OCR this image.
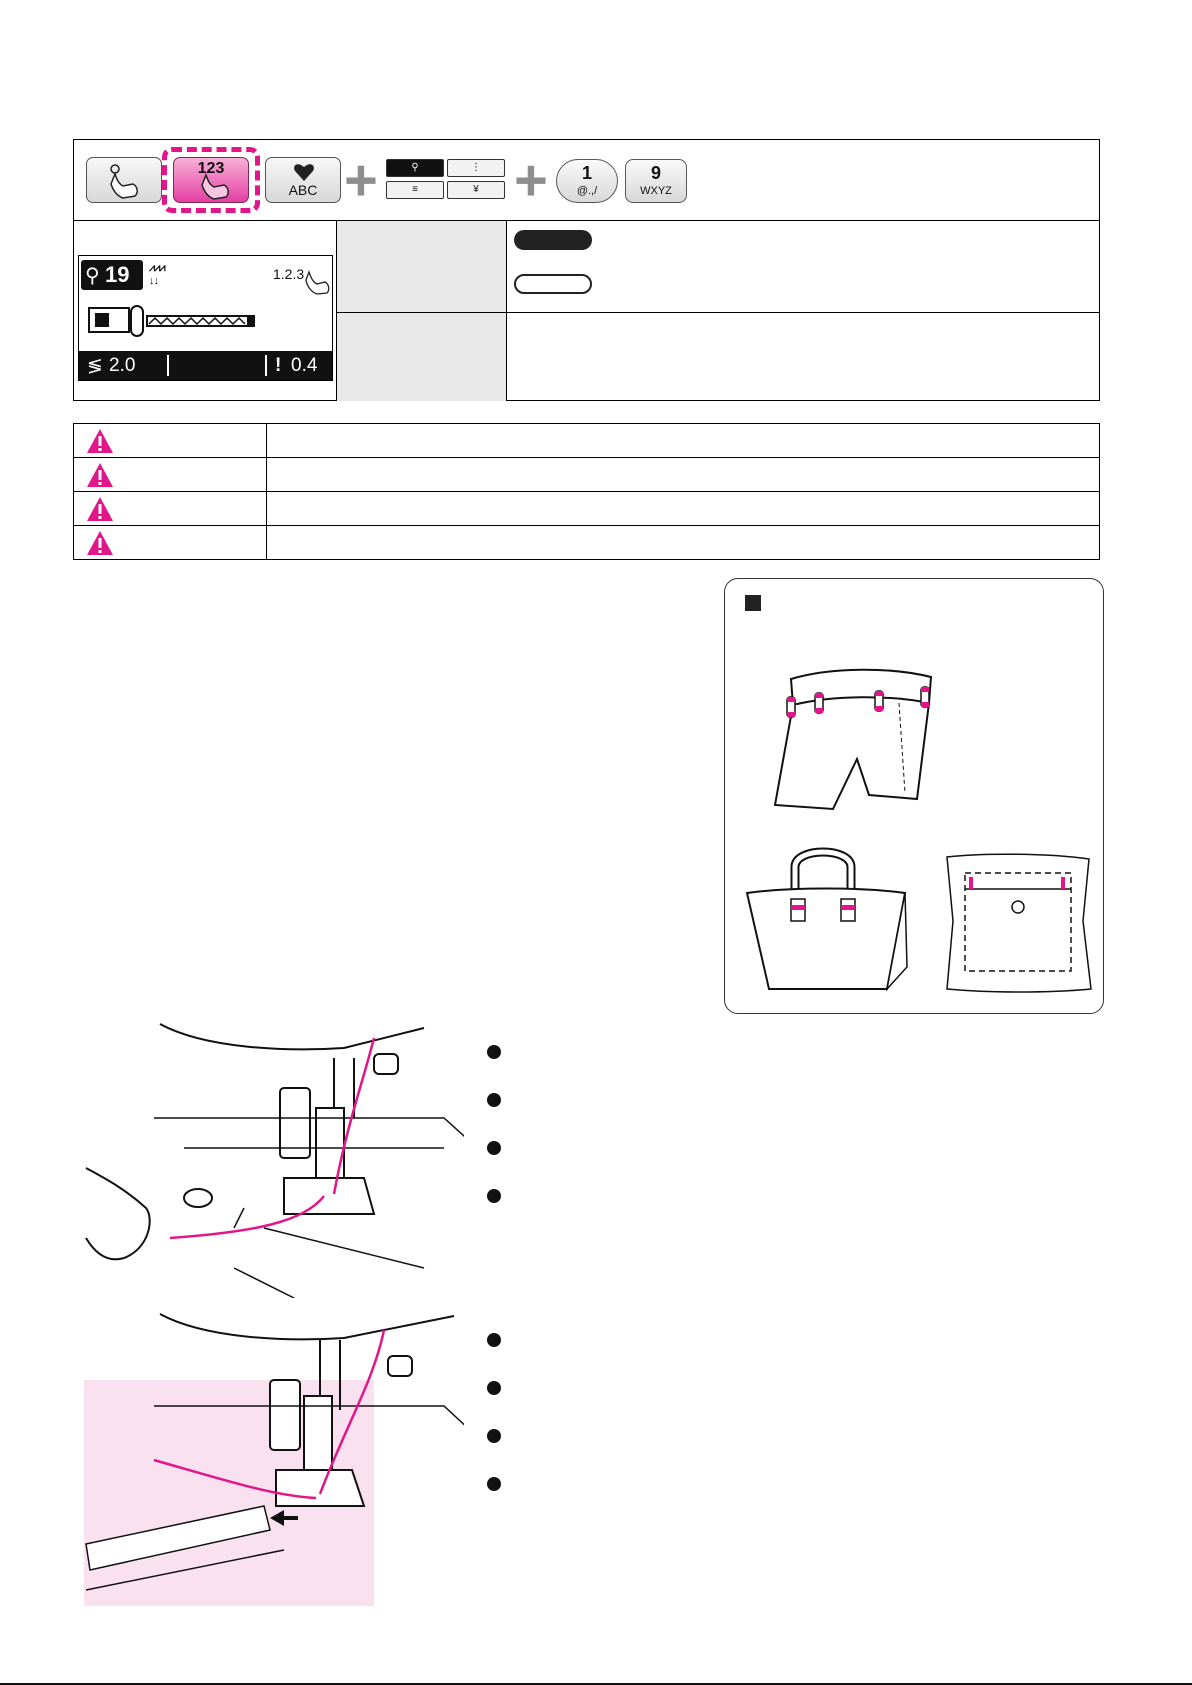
123
ABC +	⚲	⋮
≡	¥ +	1
@.,/
9
WXYZ
⚲ 19 ⩘⩘⩘
↓↓	1.2.3
≶ 2.0	! 0.4
